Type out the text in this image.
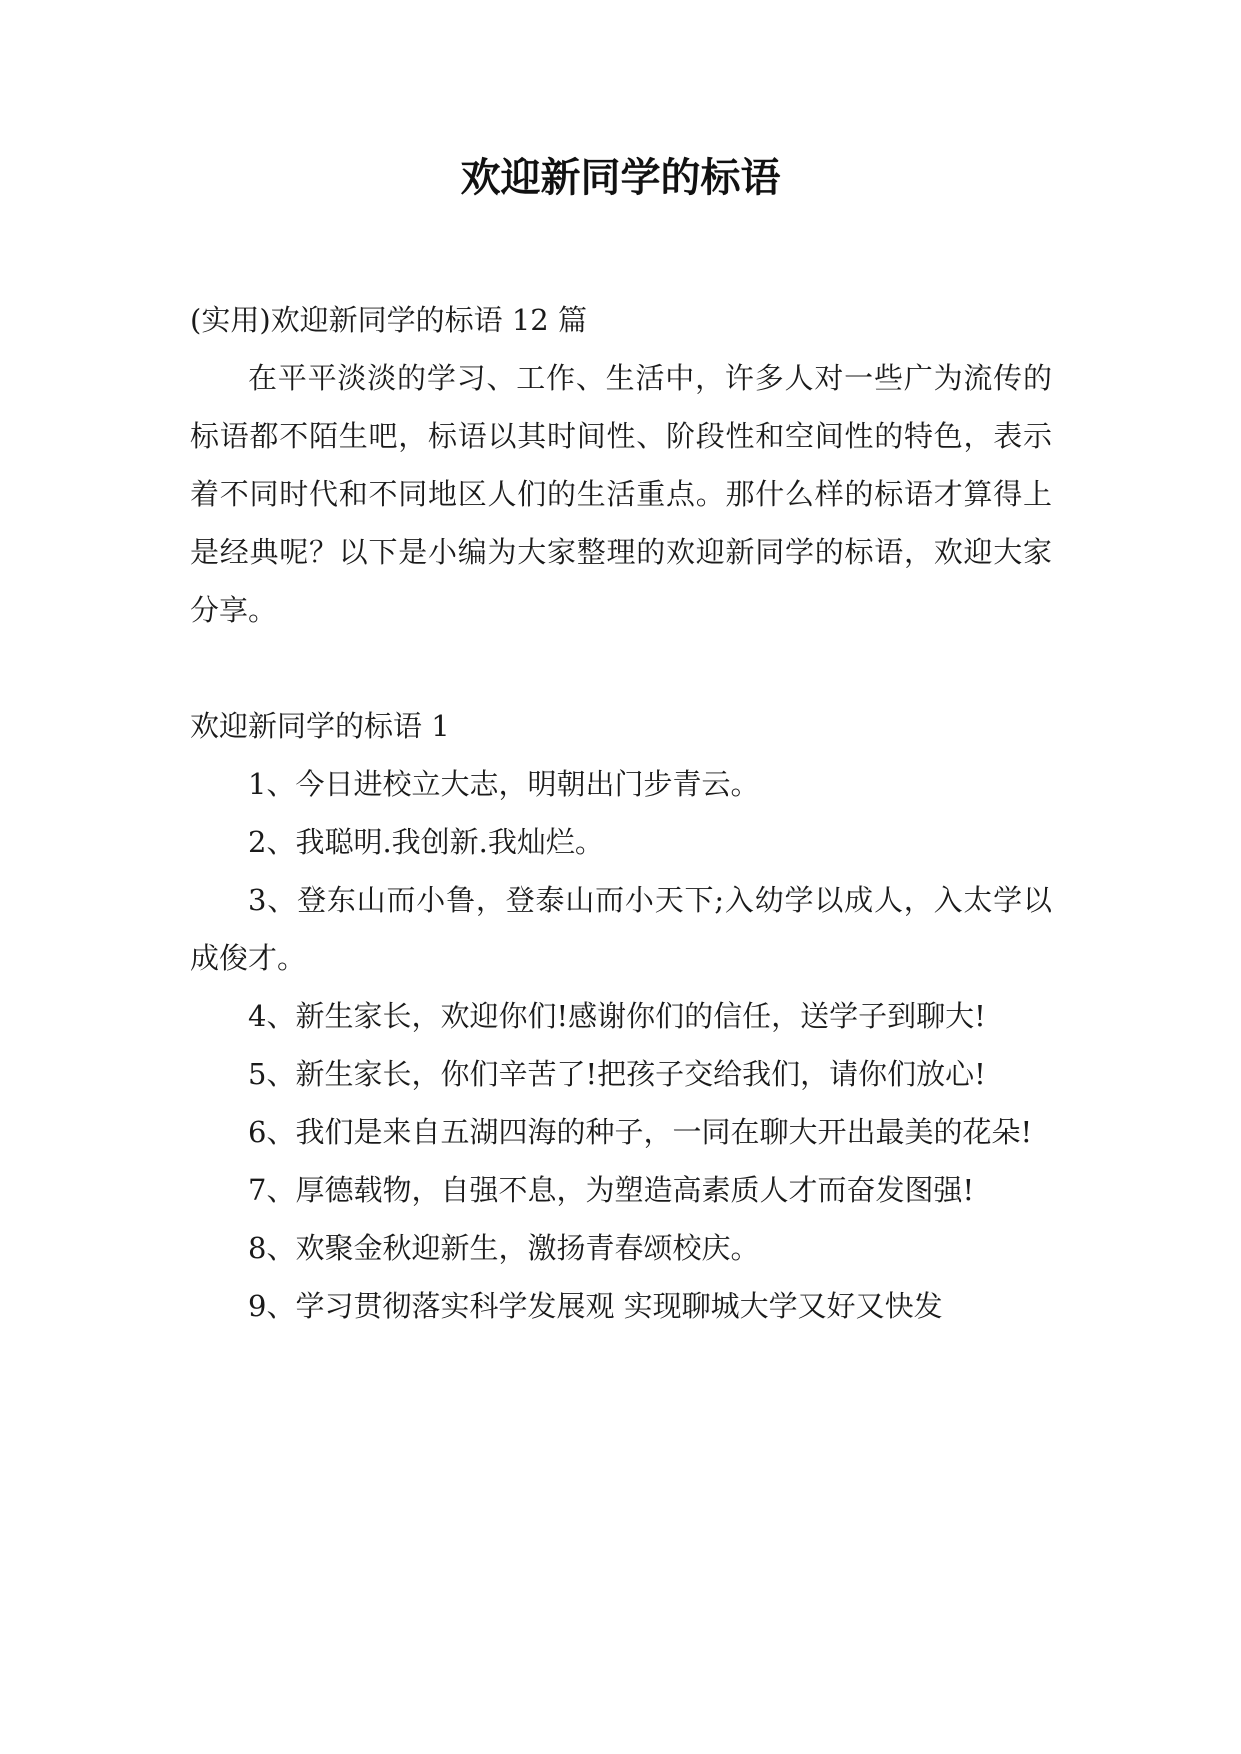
欢迎新同学的标语

(实用)欢迎新同学的标语 12 篇

在平平淡淡的学习、工作、生活中，许多人对一些广为流传的标语都不陌生吧，标语以其时间性、阶段性和空间性的特色，表示着不同时代和不同地区人们的生活重点。那什么样的标语才算得上是经典呢？以下是小编为大家整理的欢迎新同学的标语，欢迎大家分享。

欢迎新同学的标语 1

1、今日进校立大志，明朝出门步青云。

2、我聪明.我创新.我灿烂。

3、登东山而小鲁，登泰山而小天下;入幼学以成人，入太学以成俊才。

4、新生家长，欢迎你们!感谢你们的信任，送学子到聊大!

5、新生家长，你们辛苦了!把孩子交给我们，请你们放心!

6、我们是来自五湖四海的种子，一同在聊大开出最美的花朵!

7、厚德载物，自强不息，为塑造高素质人才而奋发图强!

8、欢聚金秋迎新生，激扬青春颂校庆。

9、学习贯彻落实科学发展观 实现聊城大学又好又快发
